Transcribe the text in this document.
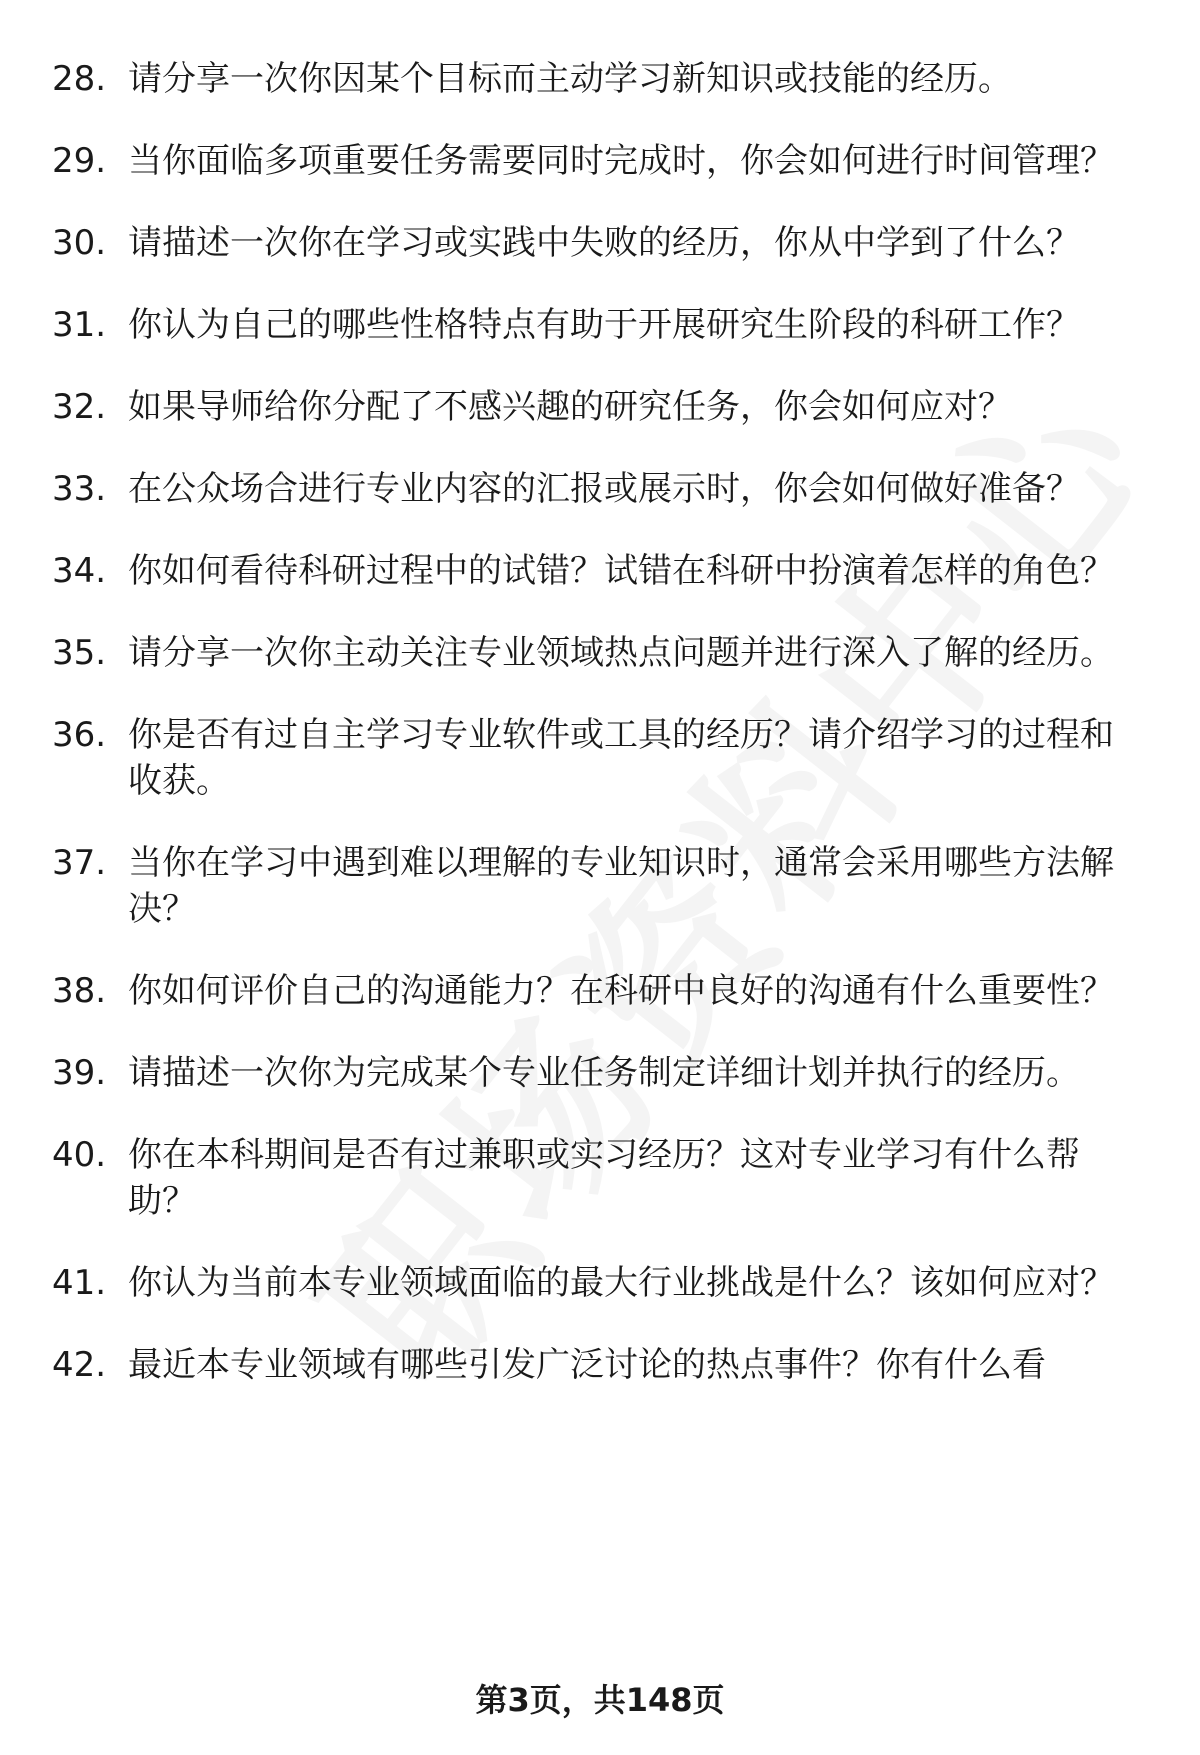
28. 请分享一次你因某个目标而主动学习新知识或技能的经历。
29. 当你面临多项重要任务需要同时完成时，你会如何进行时间管理？
30. 请描述一次你在学习或实践中失败的经历，你从中学到了什么？
31. 你认为自己的哪些性格特点有助于开展研究生阶段的科研工作？
32. 如果导师给你分配了不感兴趣的研究任务，你会如何应对？
33. 在公众场合进行专业内容的汇报或展示时，你会如何做好准备？
34. 你如何看待科研过程中的试错？试错在科研中扮演着怎样的角色？
35. 请分享一次你主动关注专业领域热点问题并进行深入了解的经历。
36. 你是否有过自主学习专业软件或工具的经历？请介绍学习的过程和收获。
37. 当你在学习中遇到难以理解的专业知识时，通常会采用哪些方法解决？
38. 你如何评价自己的沟通能力？在科研中良好的沟通有什么重要性？
39. 请描述一次你为完成某个专业任务制定详细计划并执行的经历。
40. 你在本科期间是否有过兼职或实习经历？这对专业学习有什么帮助？
41. 你认为当前本专业领域面临的最大行业挑战是什么？该如何应对？
42. 最近本专业领域有哪些引发广泛讨论的热点事件？你有什么看
第3页，共148页
